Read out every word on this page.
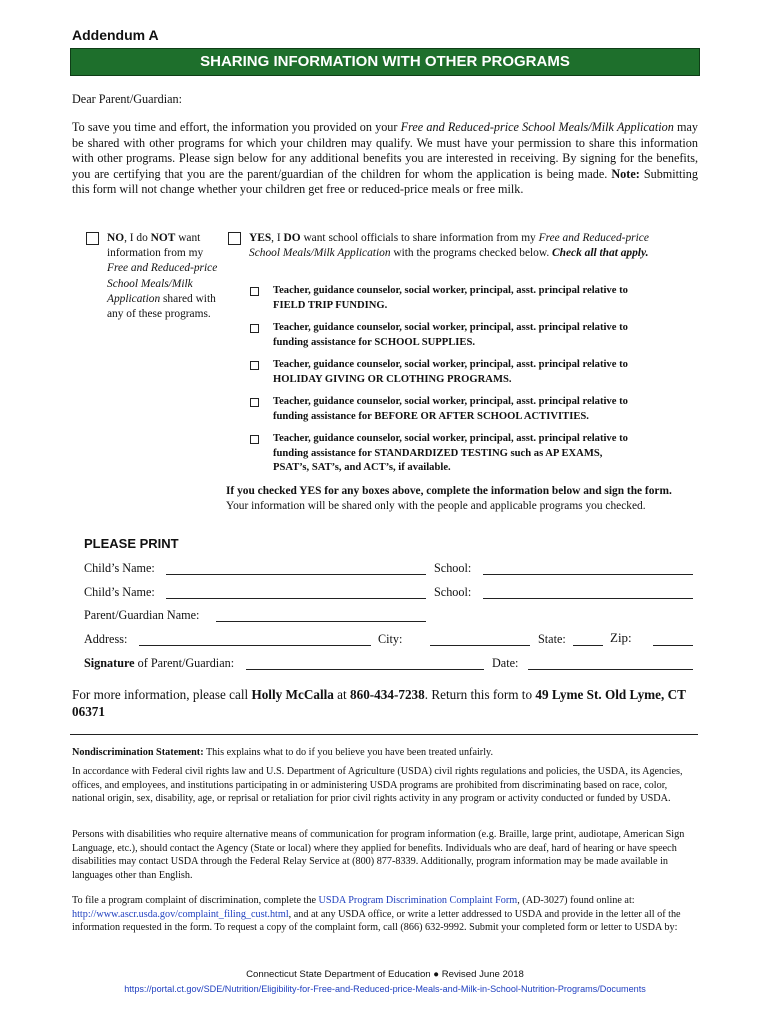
Addendum A
SHARING INFORMATION WITH OTHER PROGRAMS
Dear Parent/Guardian:
To save you time and effort, the information you provided on your Free and Reduced-price School Meals/Milk Application may be shared with other programs for which your children may qualify. We must have your permission to share this information with other programs. Please sign below for any additional benefits you are interested in receiving. By signing for the benefits, you are certifying that you are the parent/guardian of the children for whom the application is being made. Note: Submitting this form will not change whether your children get free or reduced-price meals or free milk.
NO, I do NOT want information from my Free and Reduced-price School Meals/Milk Application shared with any of these programs.
YES, I DO want school officials to share information from my Free and Reduced-price School Meals/Milk Application with the programs checked below. Check all that apply.
Teacher, guidance counselor, social worker, principal, asst. principal relative to
FIELD TRIP FUNDING.
Teacher, guidance counselor, social worker, principal, asst. principal relative to
funding assistance for SCHOOL SUPPLIES.
Teacher, guidance counselor, social worker, principal, asst. principal relative to
HOLIDAY GIVING OR CLOTHING PROGRAMS.
Teacher, guidance counselor, social worker, principal, asst. principal relative to
funding assistance for BEFORE OR AFTER SCHOOL ACTIVITIES.
Teacher, guidance counselor, social worker, principal, asst. principal relative to
funding assistance for STANDARDIZED TESTING such as AP EXAMS,
PSAT’s, SAT’s, and ACT’s, if available.
If you checked YES for any boxes above, complete the information below and sign the form. Your information will be shared only with the people and applicable programs you checked.
PLEASE PRINT
Child’s Name:	School:
Child’s Name:	School:
Parent/Guardian Name:
Address:	City:	State:	Zip:
Signature of Parent/Guardian:	Date:
For more information, please call Holly McCalla at 860-434-7238. Return this form to 49 Lyme St. Old Lyme, CT 06371
Nondiscrimination Statement: This explains what to do if you believe you have been treated unfairly.
In accordance with Federal civil rights law and U.S. Department of Agriculture (USDA) civil rights regulations and policies, the USDA, its Agencies, offices, and employees, and institutions participating in or administering USDA programs are prohibited from discriminating based on race, color, national origin, sex, disability, age, or reprisal or retaliation for prior civil rights activity in any program or activity conducted or funded by USDA.
Persons with disabilities who require alternative means of communication for program information (e.g. Braille, large print, audiotape, American Sign Language, etc.), should contact the Agency (State or local) where they applied for benefits. Individuals who are deaf, hard of hearing or have speech disabilities may contact USDA through the Federal Relay Service at (800) 877-8339. Additionally, program information may be made available in languages other than English.
To file a program complaint of discrimination, complete the USDA Program Discrimination Complaint Form, (AD-3027) found online at: http://www.ascr.usda.gov/complaint_filing_cust.html, and at any USDA office, or write a letter addressed to USDA and provide in the letter all of the information requested in the form. To request a copy of the complaint form, call (866) 632-9992. Submit your completed form or letter to USDA by:
Connecticut State Department of Education ● Revised June 2018
https://portal.ct.gov/SDE/Nutrition/Eligibility-for-Free-and-Reduced-price-Meals-and-Milk-in-School-Nutrition-Programs/Documents
